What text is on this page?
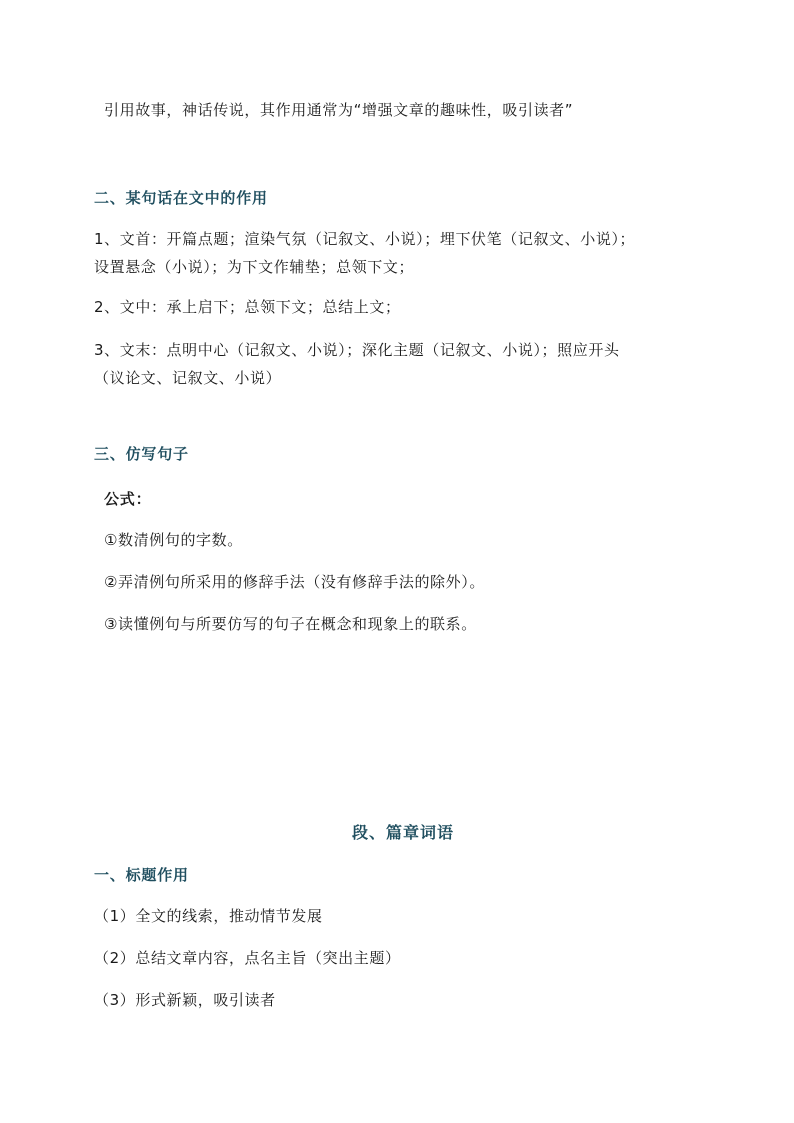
引用故事，神话传说，其作用通常为“增强文章的趣味性，吸引读者”
二、某句话在文中的作用
1、文首：开篇点题；渲染气氛（记叙文、小说）；埋下伏笔（记叙文、小说）；
设置悬念（小说）；为下文作辅垫；总领下文；
2、文中：承上启下；总领下文；总结上文；
3、文末：点明中心（记叙文、小说）；深化主题（记叙文、小说）；照应开头
（议论文、记叙文、小说）
三、仿写句子
公式：
①数清例句的字数。
②弄清例句所采用的修辞手法（没有修辞手法的除外）。
③读懂例句与所要仿写的句子在概念和现象上的联系。
段、篇章词语
一、标题作用
（1）全文的线索，推动情节发展
（2）总结文章内容，点名主旨（突出主题）
（3）形式新颖，吸引读者
